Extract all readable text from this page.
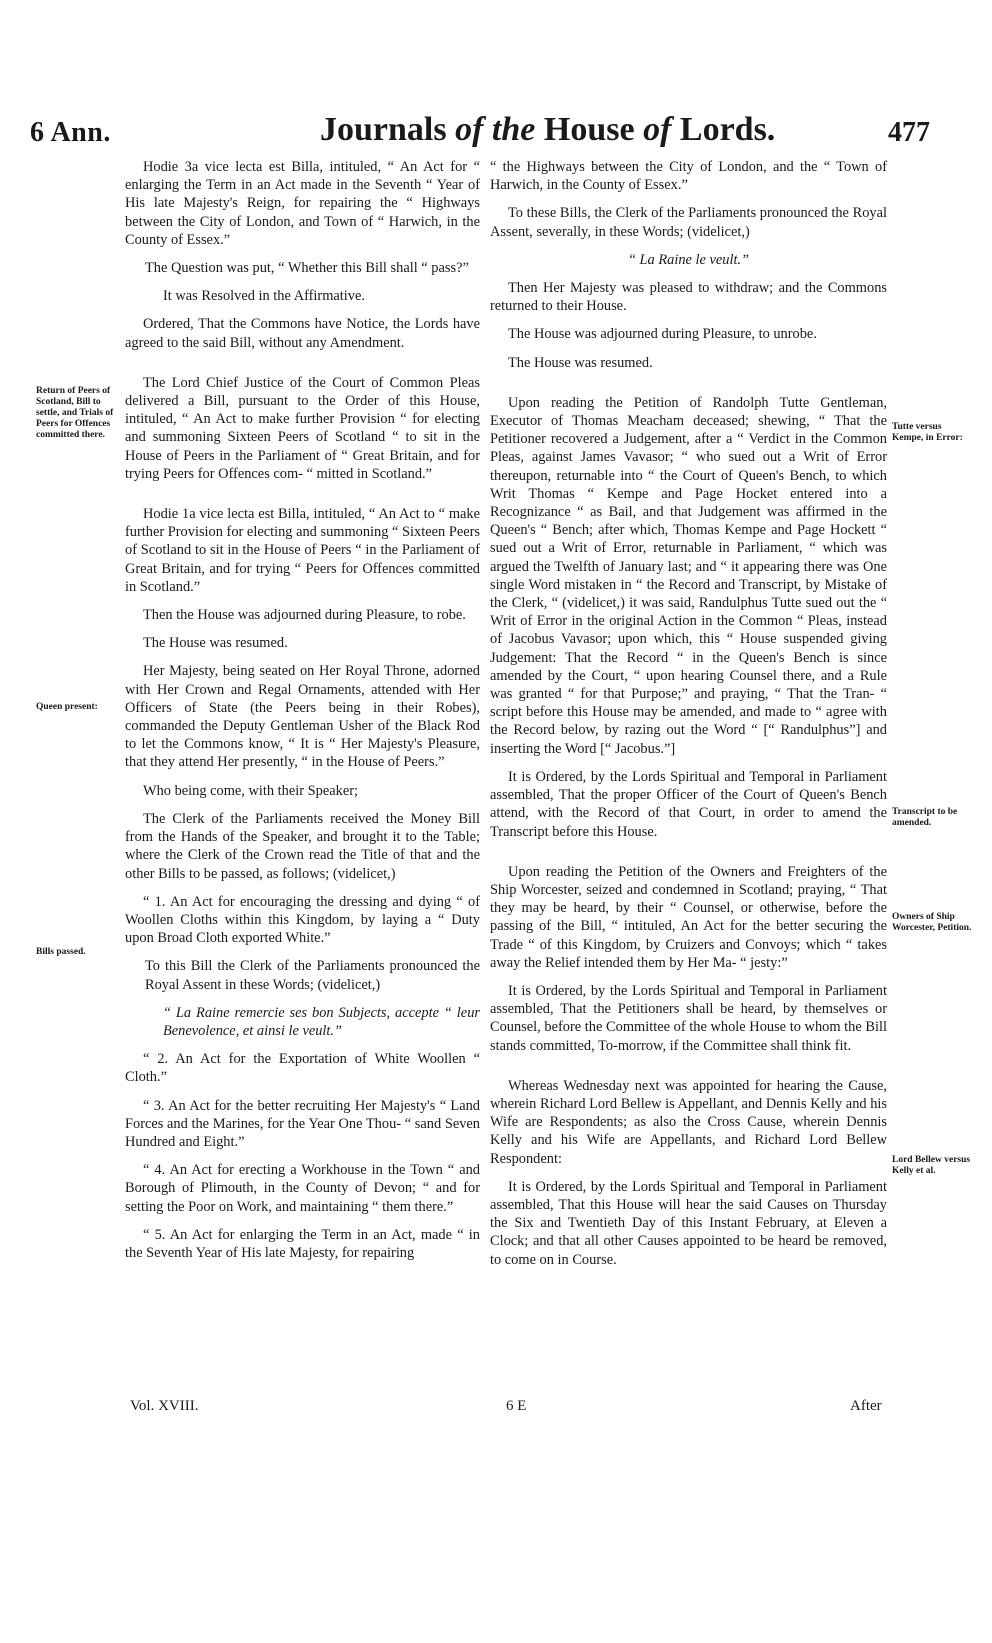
6 Ann.	Journals of the House of Lords.	477
Return of Peers of Scotland, Bill to settle, and Trials of Peers for Offences committed there.
Queen present:
Bills passed.
Tutte versus Kempe, in Error:
Transcript to be amended.
Owners of Ship Worcester, Petition.
Lord Bellew versus Kelly et al.

Hodie 3a vice lecta est Billa, intituled, “ An Act for “ enlarging the Term in an Act made in the Seventh “ Year of His late Majesty's Reign, for repairing the “ Highways between the City of London, and Town of “ Harwich, in the County of Essex.”

The Question was put, “ Whether this Bill shall “ pass?”

It was Resolved in the Affirmative.

Ordered, That the Commons have Notice, the Lords have agreed to the said Bill, without any Amendment.

The Lord Chief Justice of the Court of Common Pleas delivered a Bill, pursuant to the Order of this House, intituled, “ An Act to make further Provision “ for electing and summoning Sixteen Peers of Scotland “ to sit in the House of Peers in the Parliament of “ Great Britain, and for trying Peers for Offences com- “ mitted in Scotland.”

Hodie 1a vice lecta est Billa, intituled, “ An Act to “ make further Provision for electing and summoning “ Sixteen Peers of Scotland to sit in the House of Peers “ in the Parliament of Great Britain, and for trying “ Peers for Offences committed in Scotland.”

Then the House was adjourned during Pleasure, to robe.

The House was resumed.

Her Majesty, being seated on Her Royal Throne, adorned with Her Crown and Regal Ornaments, attended with Her Officers of State (the Peers being in their Robes), commanded the Deputy Gentleman Usher of the Black Rod to let the Commons know, “ It is “ Her Majesty's Pleasure, that they attend Her presently, “ in the House of Peers.”

Who being come, with their Speaker;

The Clerk of the Parliaments received the Money Bill from the Hands of the Speaker, and brought it to the Table; where the Clerk of the Crown read the Title of that and the other Bills to be passed, as follows; (videlicet,)

“ 1. An Act for encouraging the dressing and dying “ of Woollen Cloths within this Kingdom, by laying a “ Duty upon Broad Cloth exported White.”

To this Bill the Clerk of the Parliaments pronounced the Royal Assent in these Words; (videlicet,)

“ La Raine remercie ses bon Subjects, accepte “ leur Benevolence, et ainsi le veult.”

“ 2. An Act for the Exportation of White Woollen “ Cloth.”

“ 3. An Act for the better recruiting Her Majesty's “ Land Forces and the Marines, for the Year One Thou- “ sand Seven Hundred and Eight.”

“ 4. An Act for erecting a Workhouse in the Town “ and Borough of Plimouth, in the County of Devon; “ and for setting the Poor on Work, and maintaining “ them there.”

“ 5. An Act for enlarging the Term in an Act, made “ in the Seventh Year of His late Majesty, for repairing

“ the Highways between the City of London, and the “ Town of Harwich, in the County of Essex.”

To these Bills, the Clerk of the Parliaments pronounced the Royal Assent, severally, in these Words; (videlicet,)

“ La Raine le veult.”

Then Her Majesty was pleased to withdraw; and the Commons returned to their House.

The House was adjourned during Pleasure, to unrobe.

The House was resumed.

Upon reading the Petition of Randolph Tutte Gentleman, Executor of Thomas Meacham deceased; shewing, “ That the Petitioner recovered a Judgement, after a “ Verdict in the Common Pleas, against James Vavasor; “ who sued out a Writ of Error thereupon, returnable into “ the Court of Queen's Bench, to which Writ Thomas “ Kempe and Page Hocket entered into a Recognizance “ as Bail, and that Judgement was affirmed in the Queen's “ Bench; after which, Thomas Kempe and Page Hockett “ sued out a Writ of Error, returnable in Parliament, “ which was argued the Twelfth of January last; and “ it appearing there was One single Word mistaken in “ the Record and Transcript, by Mistake of the Clerk, “ (videlicet,) it was said, Randulphus Tutte sued out the “ Writ of Error in the original Action in the Common “ Pleas, instead of Jacobus Vavasor; upon which, this “ House suspended giving Judgement: That the Record “ in the Queen's Bench is since amended by the Court, “ upon hearing Counsel there, and a Rule was granted “ for that Purpose;” and praying, “ That the Tran- “ script before this House may be amended, and made to “ agree with the Record below, by razing out the Word “ [“ Randulphus”] and inserting the Word [“ Jacobus.”]

It is Ordered, by the Lords Spiritual and Temporal in Parliament assembled, That the proper Officer of the Court of Queen's Bench attend, with the Record of that Court, in order to amend the Transcript before this House.

Upon reading the Petition of the Owners and Freighters of the Ship Worcester, seized and condemned in Scotland; praying, “ That they may be heard, by their “ Counsel, or otherwise, before the passing of the Bill, “ intituled, An Act for the better securing the Trade “ of this Kingdom, by Cruizers and Convoys; which “ takes away the Relief intended them by Her Ma- “ jesty:”

It is Ordered, by the Lords Spiritual and Temporal in Parliament assembled, That the Petitioners shall be heard, by themselves or Counsel, before the Committee of the whole House to whom the Bill stands committed, To-morrow, if the Committee shall think fit.

Whereas Wednesday next was appointed for hearing the Cause, wherein Richard Lord Bellew is Appellant, and Dennis Kelly and his Wife are Respondents; as also the Cross Cause, wherein Dennis Kelly and his Wife are Appellants, and Richard Lord Bellew Respondent:

It is Ordered, by the Lords Spiritual and Temporal in Parliament assembled, That this House will hear the said Causes on Thursday the Six and Twentieth Day of this Instant February, at Eleven a Clock; and that all other Causes appointed to be heard be removed, to come on in Course.

Vol. XVIII.	6 E	After
